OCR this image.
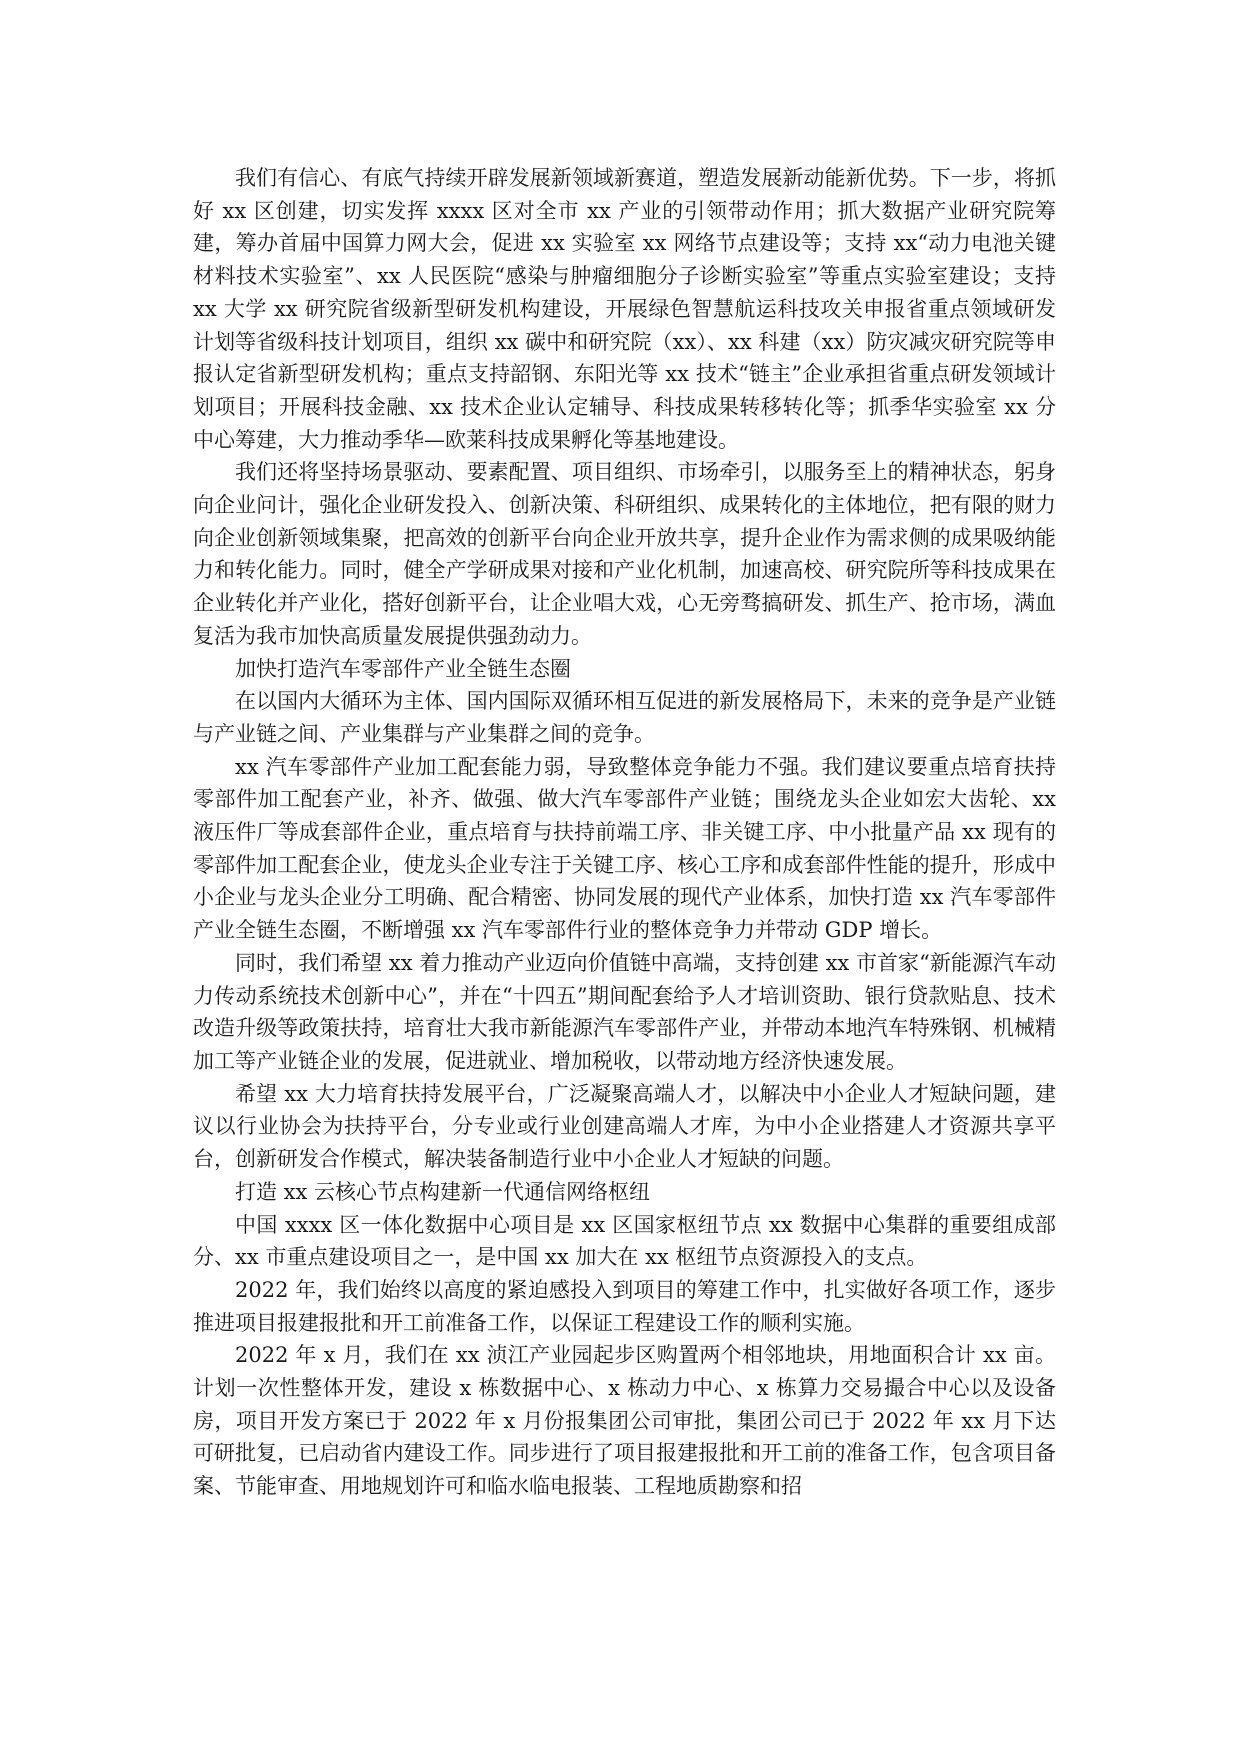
我们有信心、有底气持续开辟发展新领域新赛道，塑造发展新动能新优势。下一步，将抓好 xx 区创建，切实发挥 xxxx 区对全市 xx 产业的引领带动作用；抓大数据产业研究院筹建，筹办首届中国算力网大会，促进 xx 实验室 xx 网络节点建设等；支持 xx“动力电池关键材料技术实验室”、xx 人民医院“感染与肿瘤细胞分子诊断实验室”等重点实验室建设；支持 xx 大学 xx 研究院省级新型研发机构建设，开展绿色智慧航运科技攻关申报省重点领域研发计划等省级科技计划项目，组织 xx 碳中和研究院（xx）、xx 科建（xx）防灾减灾研究院等申报认定省新型研发机构；重点支持韶钢、东阳光等 xx 技术“链主”企业承担省重点研发领域计划项目；开展科技金融、xx 技术企业认定辅导、科技成果转移转化等；抓季华实验室 xx 分中心筹建，大力推动季华—欧莱科技成果孵化等基地建设。

我们还将坚持场景驱动、要素配置、项目组织、市场牵引，以服务至上的精神状态，躬身向企业问计，强化企业研发投入、创新决策、科研组织、成果转化的主体地位，把有限的财力向企业创新领域集聚，把高效的创新平台向企业开放共享，提升企业作为需求侧的成果吸纳能力和转化能力。同时，健全产学研成果对接和产业化机制，加速高校、研究院所等科技成果在企业转化并产业化，搭好创新平台，让企业唱大戏，心无旁骛搞研发、抓生产、抢市场，满血复活为我市加快高质量发展提供强劲动力。

加快打造汽车零部件产业全链生态圈

在以国内大循环为主体、国内国际双循环相互促进的新发展格局下，未来的竞争是产业链与产业链之间、产业集群与产业集群之间的竞争。

xx 汽车零部件产业加工配套能力弱，导致整体竞争能力不强。我们建议要重点培育扶持零部件加工配套产业，补齐、做强、做大汽车零部件产业链；围绕龙头企业如宏大齿轮、xx 液压件厂等成套部件企业，重点培育与扶持前端工序、非关键工序、中小批量产品 xx 现有的零部件加工配套企业，使龙头企业专注于关键工序、核心工序和成套部件性能的提升，形成中小企业与龙头企业分工明确、配合精密、协同发展的现代产业体系，加快打造 xx 汽车零部件产业全链生态圈，不断增强 xx 汽车零部件行业的整体竞争力并带动 GDP 增长。

同时，我们希望 xx 着力推动产业迈向价值链中高端，支持创建 xx 市首家“新能源汽车动力传动系统技术创新中心”，并在“十四五”期间配套给予人才培训资助、银行贷款贴息、技术改造升级等政策扶持，培育壮大我市新能源汽车零部件产业，并带动本地汽车特殊钢、机械精加工等产业链企业的发展，促进就业、增加税收，以带动地方经济快速发展。

希望 xx 大力培育扶持发展平台，广泛凝聚高端人才，以解决中小企业人才短缺问题，建议以行业协会为扶持平台，分专业或行业创建高端人才库，为中小企业搭建人才资源共享平台，创新研发合作模式，解决装备制造行业中小企业人才短缺的问题。

打造 xx 云核心节点构建新一代通信网络枢纽

中国 xxxx 区一体化数据中心项目是 xx 区国家枢纽节点 xx 数据中心集群的重要组成部分、xx 市重点建设项目之一，是中国 xx 加大在 xx 枢纽节点资源投入的支点。

2022 年，我们始终以高度的紧迫感投入到项目的筹建工作中，扎实做好各项工作，逐步推进项目报建报批和开工前准备工作，以保证工程建设工作的顺利实施。

2022 年 x 月，我们在 xx 浈江产业园起步区购置两个相邻地块，用地面积合计 xx 亩。计划一次性整体开发，建设 x 栋数据中心、x 栋动力中心、x 栋算力交易撮合中心以及设备房，项目开发方案已于 2022 年 x 月份报集团公司审批，集团公司已于 2022 年 xx 月下达可研批复，已启动省内建设工作。同步进行了项目报建报批和开工前的准备工作，包含项目备案、节能审查、用地规划许可和临水临电报装、工程地质勘察和招
